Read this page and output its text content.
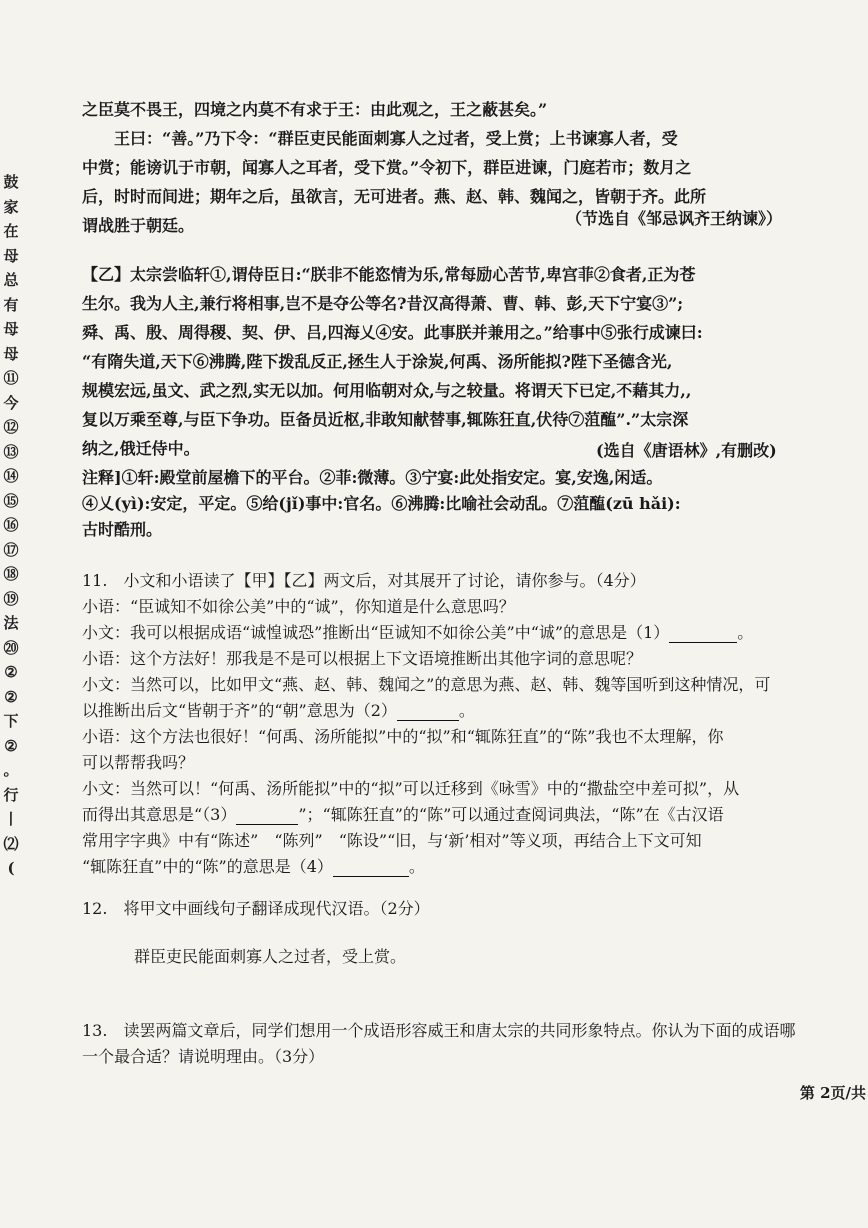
鼓
家
在
母
总
有
母
母
⑪
今
⑫
⑬
⑭
⑮
⑯
⑰
⑱
⑲
法
⑳
②
②
下
②
。
行
丨
⑵
(
之臣莫不畏王，四境之内莫不有求于王：由此观之，王之蔽甚矣。”
　　王曰：“善。”乃下令：“群臣吏民能面刺寡人之过者，受上赏；上书谏寡人者，受
中赏；能谤讥于市朝，闻寡人之耳者，受下赏。”令初下，群臣进谏，门庭若市；数月之
后，时时而间进；期年之后，虽欲言，无可进者。燕、赵、韩、魏闻之，皆朝于齐。此所
谓战胜于朝廷。	（节选自《邹忌讽齐王纳谏》）
【乙】太宗尝临轩①,谓侍臣日:“朕非不能恣情为乐,常每励心苦节,卑宫菲②食者,正为苍
生尔。我为人主,兼行将相事,岂不是夺公等名?昔汉高得萧、曹、韩、彭,天下宁宴③”;
舜、禹、殷、周得稷、契、伊、吕,四海乂④安。此事朕并兼用之。”给事中⑤张行成谏曰:
“有隋失道,天下⑥沸腾,陛下拨乱反正,拯生人于涂炭,何禹、汤所能拟?陛下圣德含光,
规模宏远,虽文、武之烈,实无以加。何用临朝对众,与之较量。将谓天下已定,不藉其力,,
复以万乘至尊,与臣下争功。臣备员近枢,非敢知献替事,辄陈狂直,伏待⑦菹醢”.”太宗深
纳之,俄迁侍中。	(选自《唐语林》,有删改)
注释]①轩:殿堂前屋檐下的平台。②菲:微薄。③宁宴:此处指安定。宴,安逸,闲适。
④乂(yì):安定，平定。⑤给(jǐ)事中:官名。⑥沸腾:比喻社会动乱。⑦菹醢(zū hǎi):
古时酷刑。
11.　小文和小语读了【甲】【乙】两文后，对其展开了讨论，请你参与。（4分）
小语：“臣诚知不如徐公美”中的“诚”，你知道是什么意思吗？
小文：我可以根据成语“诚惶诚恐”推断出“臣诚知不如徐公美”中“诚”的意思是（1）	。
小语：这个方法好！那我是不是可以根据上下文语境推断出其他字词的意思呢？
小文：当然可以，比如甲文“燕、赵、韩、魏闻之”的意思为燕、赵、韩、魏等国听到这种情况，可
以推断出后文“皆朝于齐”的“朝”意思为（2）	。
小语：这个方法也很好！“何禹、汤所能拟”中的“拟”和“辄陈狂直”的“陈”我也不太理解，你
可以帮帮我吗？
小文：当然可以！“何禹、汤所能拟”中的“拟”可以迁移到《咏雪》中的“撒盐空中差可拟”，从
而得出其意思是“（3）	”；“辄陈狂直”的“陈”可以通过查阅词典法，“陈”在《古汉语
常用字字典》中有“陈述”　“陈列”　“陈设”“旧，与‘新’相对”等义项，再结合上下文可知
“辄陈狂直”中的“陈”的意思是（4）	。
12.　将甲文中画线句子翻译成现代汉语。（2分）
群臣吏民能面刺寡人之过者，受上赏。
13.　读罢两篇文章后，同学们想用一个成语形容威王和唐太宗的共同形象特点。你认为下面的成语哪
一个最合适？请说明理由。（3分）
第 2页/共
